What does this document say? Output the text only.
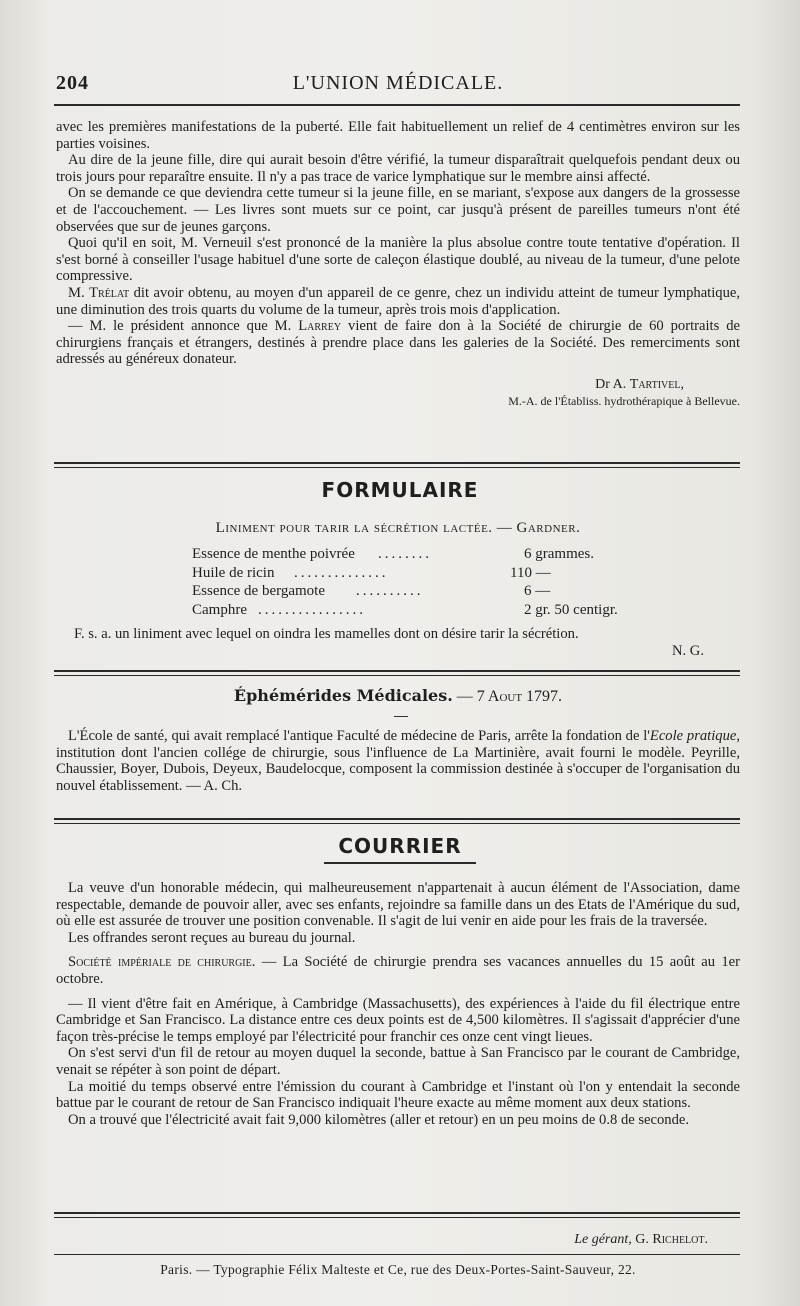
204	L'UNION MÉDICALE.

avec les premières manifestations de la puberté. Elle fait habituellement un relief de 4 centimètres environ sur les parties voisines.

Au dire de la jeune fille, dire qui aurait besoin d'être vérifié, la tumeur disparaîtrait quelquefois pendant deux ou trois jours pour reparaître ensuite. Il n'y a pas trace de varice lymphatique sur le membre ainsi affecté.

On se demande ce que deviendra cette tumeur si la jeune fille, en se mariant, s'expose aux dangers de la grossesse et de l'accouchement. — Les livres sont muets sur ce point, car jusqu'à présent de pareilles tumeurs n'ont été observées que sur de jeunes garçons.

Quoi qu'il en soit, M. Verneuil s'est prononcé de la manière la plus absolue contre toute tentative d'opération. Il s'est borné à conseiller l'usage habituel d'une sorte de caleçon élastique doublé, au niveau de la tumeur, d'une pelote compressive.

M. Trélat dit avoir obtenu, au moyen d'un appareil de ce genre, chez un individu atteint de tumeur lymphatique, une diminution des trois quarts du volume de la tumeur, après trois mois d'application.

— M. le président annonce que M. Larrey vient de faire don à la Société de chirurgie de 60 portraits de chirurgiens français et étrangers, destinés à prendre place dans les galeries de la Société. Des remerciments sont adressés au généreux donateur.

Dr A. Tartivel,
M.-A. de l'Établiss. hydrothérapique à Bellevue.
FORMULAIRE
Liniment pour tarir la sécrétion lactée. — Gardner.
Essence de menthe poivrée ........	6 grammes.
Huile de ricin ..............	110 —
Essence de bergamote ..........	6 —
Camphre ................	2 gr. 50 centigr.

F. s. a. un liniment avec lequel on oindra les mamelles dont on désire tarir la sécrétion.

N. G.
Éphémérides Médicales. — 7 Aout 1797.

L'École de santé, qui avait remplacé l'antique Faculté de médecine de Paris, arrête la fondation de l'Ecole pratique, institution dont l'ancien collége de chirurgie, sous l'influence de La Martinière, avait fourni le modèle. Peyrille, Chaussier, Boyer, Dubois, Deyeux, Baudelocque, composent la commission destinée à s'occuper de l'organisation du nouvel établissement. — A. Ch.

COURRIER

La veuve d'un honorable médecin, qui malheureusement n'appartenait à aucun élément de l'Association, dame respectable, demande de pouvoir aller, avec ses enfants, rejoindre sa famille dans un des Etats de l'Amérique du sud, où elle est assurée de trouver une position convenable. Il s'agit de lui venir en aide pour les frais de la traversée.

Les offrandes seront reçues au bureau du journal.

Société impériale de chirurgie. — La Société de chirurgie prendra ses vacances annuelles du 15 août au 1er octobre.

— Il vient d'être fait en Amérique, à Cambridge (Massachusetts), des expériences à l'aide du fil électrique entre Cambridge et San Francisco. La distance entre ces deux points est de 4,500 kilomètres. Il s'agissait d'apprécier d'une façon très-précise le temps employé par l'électricité pour franchir ces onze cent vingt lieues.

On s'est servi d'un fil de retour au moyen duquel la seconde, battue à San Francisco par le courant de Cambridge, venait se répéter à son point de départ.

La moitié du temps observé entre l'émission du courant à Cambridge et l'instant où l'on y entendait la seconde battue par le courant de retour de San Francisco indiquait l'heure exacte au même moment aux deux stations.

On a trouvé que l'électricité avait fait 9,000 kilomètres (aller et retour) en un peu moins de 0.8 de seconde.

Le gérant, G. Richelot.
Paris. — Typographie Félix Malteste et Ce, rue des Deux-Portes-Saint-Sauveur, 22.
